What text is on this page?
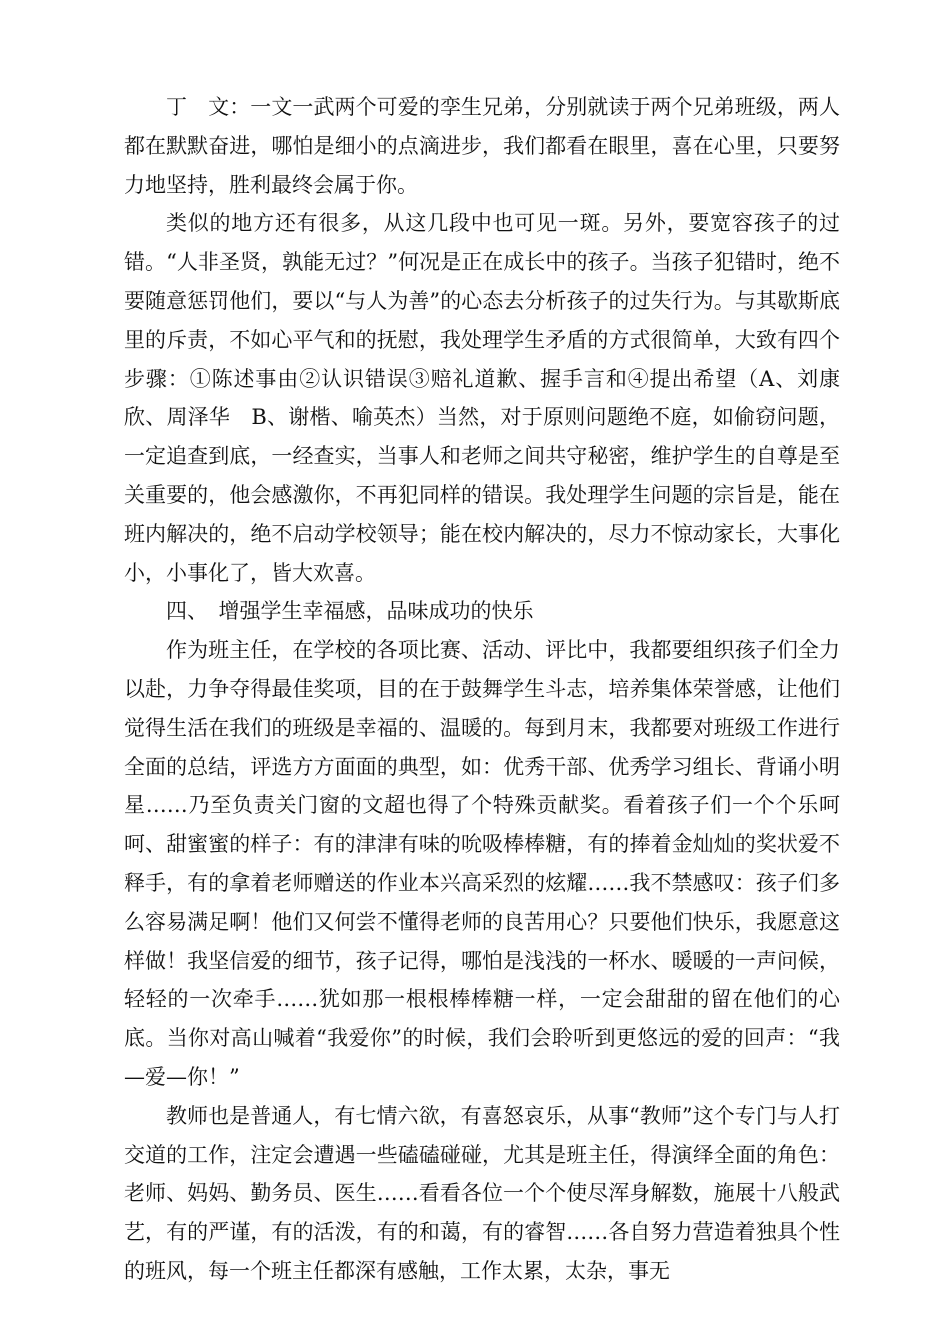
丁　文：一文一武两个可爱的孪生兄弟，分别就读于两个兄弟班级，两人都在默默奋进，哪怕是细小的点滴进步，我们都看在眼里，喜在心里，只要努力地坚持，胜利最终会属于你。

类似的地方还有很多，从这几段中也可见一斑。另外，要宽容孩子的过错。“人非圣贤，孰能无过？”何况是正在成长中的孩子。当孩子犯错时，绝不要随意惩罚他们，要以“与人为善”的心态去分析孩子的过失行为。与其歇斯底里的斥责，不如心平气和的抚慰，我处理学生矛盾的方式很简单，大致有四个步骤：①陈述事由②认识错误③赔礼道歉、握手言和④提出希望（A、刘康欣、周泽华　B、谢楷、喻英杰）当然，对于原则问题绝不庭，如偷窃问题，一定追查到底，一经查实，当事人和老师之间共守秘密，维护学生的自尊是至关重要的，他会感激你，不再犯同样的错误。我处理学生问题的宗旨是，能在班内解决的，绝不启动学校领导；能在校内解决的，尽力不惊动家长，大事化小，小事化了，皆大欢喜。

四、　增强学生幸福感，品味成功的快乐

作为班主任，在学校的各项比赛、活动、评比中，我都要组织孩子们全力以赴，力争夺得最佳奖项，目的在于鼓舞学生斗志，培养集体荣誉感，让他们觉得生活在我们的班级是幸福的、温暖的。每到月末，我都要对班级工作进行全面的总结，评选方方面面的典型，如：优秀干部、优秀学习组长、背诵小明星……乃至负责关门窗的文超也得了个特殊贡献奖。看着孩子们一个个乐呵呵、甜蜜蜜的样子：有的津津有味的吮吸棒棒糖，有的捧着金灿灿的奖状爱不释手，有的拿着老师赠送的作业本兴高采烈的炫耀……我不禁感叹：孩子们多么容易满足啊！他们又何尝不懂得老师的良苦用心？只要他们快乐，我愿意这样做！我坚信爱的细节，孩子记得，哪怕是浅浅的一杯水、暖暖的一声问候，轻轻的一次牵手……犹如那一根根棒棒糖一样，一定会甜甜的留在他们的心底。当你对高山喊着“我爱你”的时候，我们会聆听到更悠远的爱的回声：“我—爱—你！”

教师也是普通人，有七情六欲，有喜怒哀乐，从事“教师”这个专门与人打交道的工作，注定会遭遇一些磕磕碰碰，尤其是班主任，得演绎全面的角色：老师、妈妈、勤务员、医生……看看各位一个个使尽浑身解数，施展十八般武艺，有的严谨，有的活泼，有的和蔼，有的睿智……各自努力营造着独具个性的班风，每一个班主任都深有感触，工作太累，太杂，事无
